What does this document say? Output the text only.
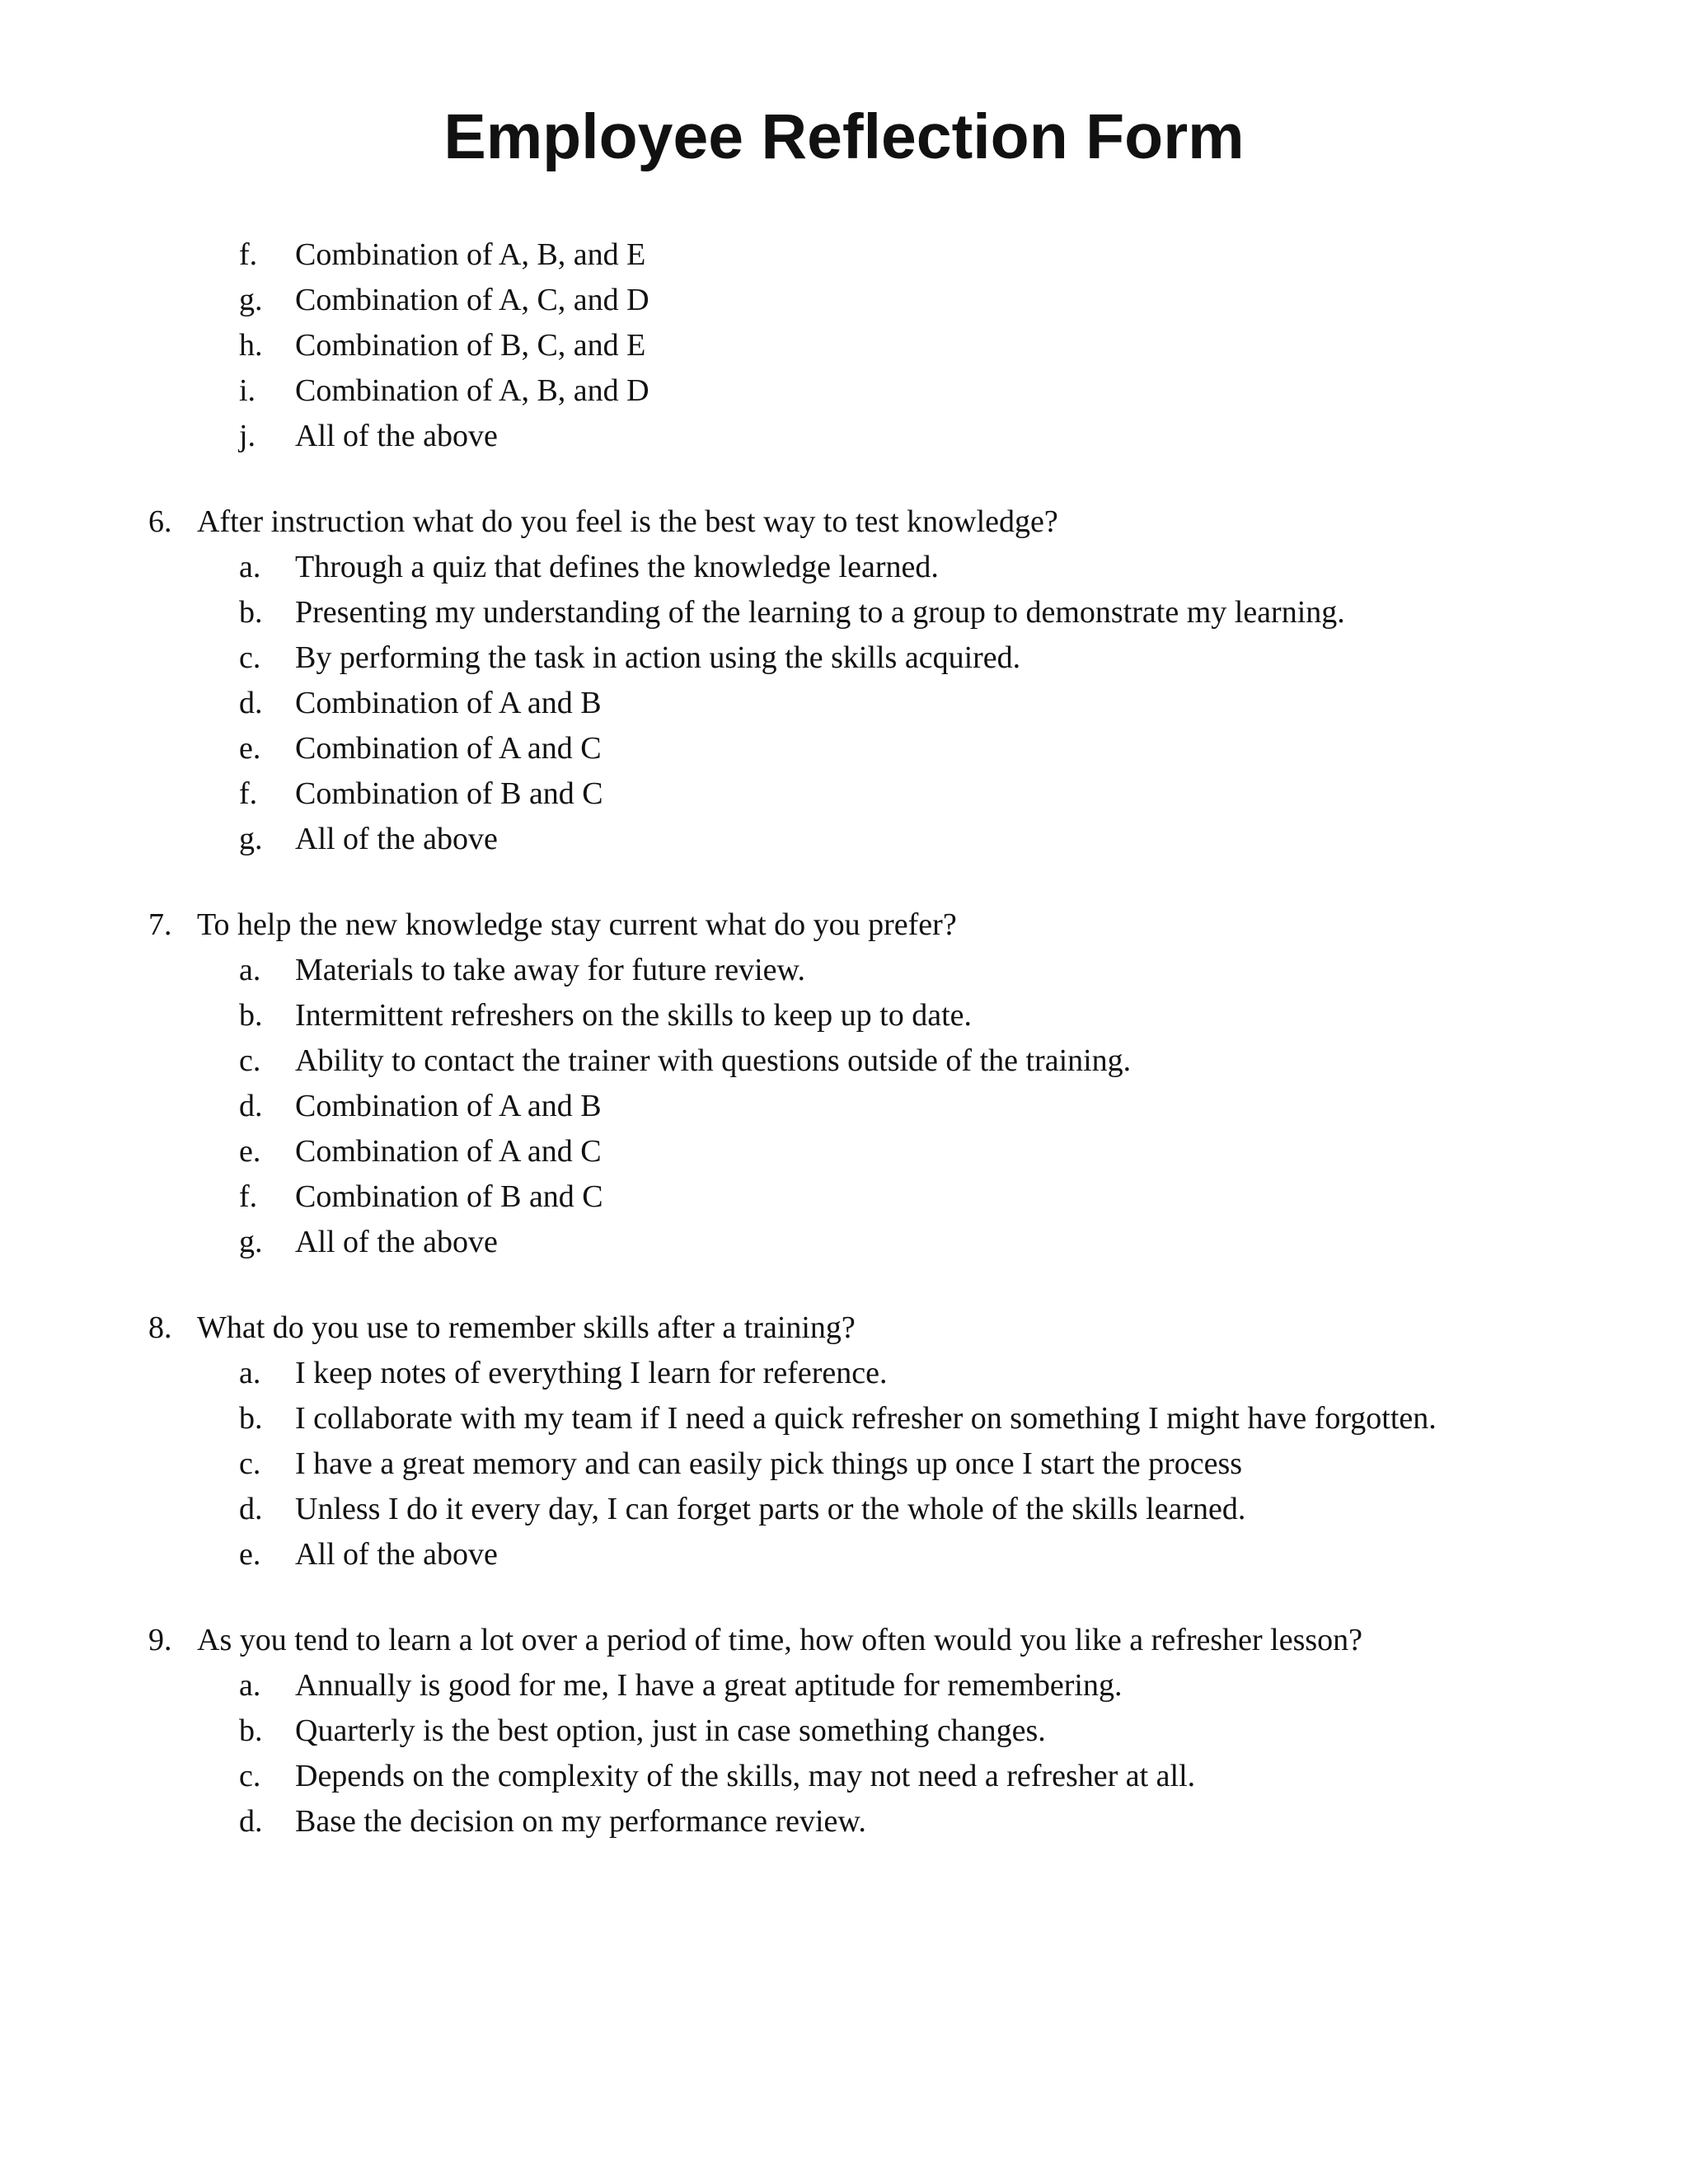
Employee Reflection Form
f.	Combination of A, B, and E
g.	Combination of A, C, and D
h.	Combination of B, C, and E
i.	Combination of A, B, and D
j.	All of the above
6. After instruction what do you feel is the best way to test knowledge?
a.	Through a quiz that defines the knowledge learned.
b.	Presenting my understanding of the learning to a group to demonstrate my learning.
c.	By performing the task in action using the skills acquired.
d.	Combination of A and B
e.	Combination of A and C
f.	Combination of B and C
g.	All of the above
7. To help the new knowledge stay current what do you prefer?
a.	Materials to take away for future review.
b.	Intermittent refreshers on the skills to keep up to date.
c.	Ability to contact the trainer with questions outside of the training.
d.	Combination of A and B
e.	Combination of A and C
f.	Combination of B and C
g.	All of the above
8. What do you use to remember skills after a training?
a.	I keep notes of everything I learn for reference.
b.	I collaborate with my team if I need a quick refresher on something I might have forgotten.
c.	I have a great memory and can easily pick things up once I start the process
d.	Unless I do it every day, I can forget parts or the whole of the skills learned.
e.	All of the above
9. As you tend to learn a lot over a period of time, how often would you like a refresher lesson?
a.	Annually is good for me, I have a great aptitude for remembering.
b.	Quarterly is the best option, just in case something changes.
c.	Depends on the complexity of the skills, may not need a refresher at all.
d.	Base the decision on my performance review.
